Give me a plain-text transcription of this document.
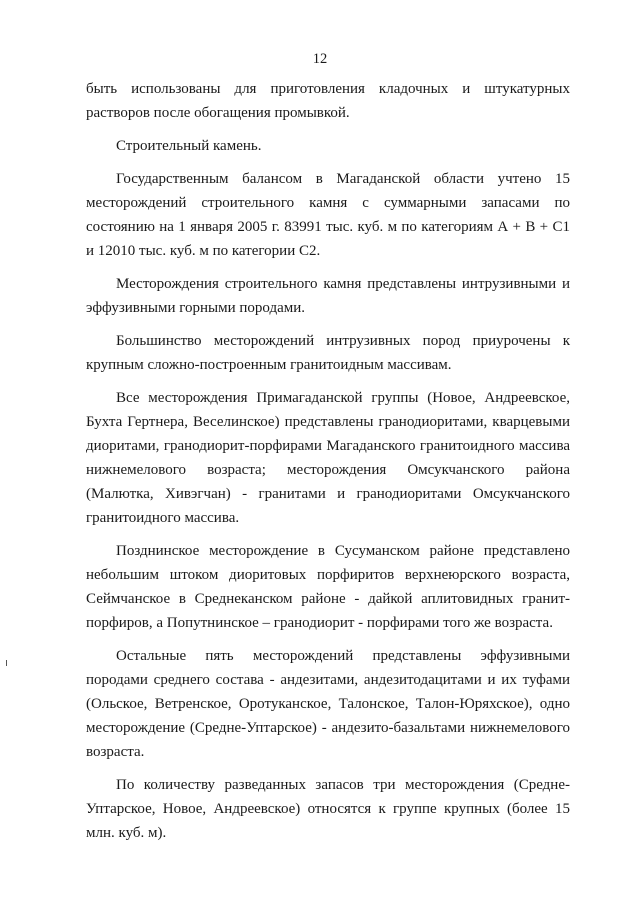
12
быть использованы для приготовления кладочных и штукатурных
растворов после обогащения промывкой.
Строительный камень.
Государственным балансом в Магаданской области учтено 15
месторождений строительного камня с суммарными запасами по
состоянию на 1 января 2005 г. 83991 тыс. куб. м по категориям А + В + С1
и 12010 тыс. куб. м по категории С2.
Месторождения строительного камня представлены интрузивными и
эффузивными горными породами.
Большинство месторождений интрузивных пород приурочены к
крупным сложно-построенным гранитоидным массивам.
Все месторождения Примагаданской группы (Новое, Андреевское,
Бухта Гертнера, Веселинское) представлены гранодиоритами, кварцевыми
диоритами, гранодиорит-порфирами Магаданского гранитоидного массива
нижнемелового возраста; месторождения Омсукчанского района
(Малютка, Хивэгчан) - гранитами и гранодиоритами Омсукчанского
гранитоидного массива.
Позднинское месторождение в Сусуманском районе представлено
небольшим штоком диоритовых порфиритов верхнеюрского возраста,
Сеймчанское в Среднеканском районе - дайкой аплитовидных гранит-
порфиров, а Попутнинское – гранодиорит - порфирами того же возраста.
Остальные пять месторождений представлены эффузивными
породами среднего состава - андезитами, андезитодацитами и их туфами
(Ольское, Ветренское, Оротуканское, Талонское, Талон-Юряхское), одно
месторождение (Средне-Уптарское) - андезито-базальтами нижнемелового
возраста.
По количеству разведанных запасов три месторождения (Средне-
Уптарское, Новое, Андреевское) относятся к группе крупных (более 15
млн. куб. м).
